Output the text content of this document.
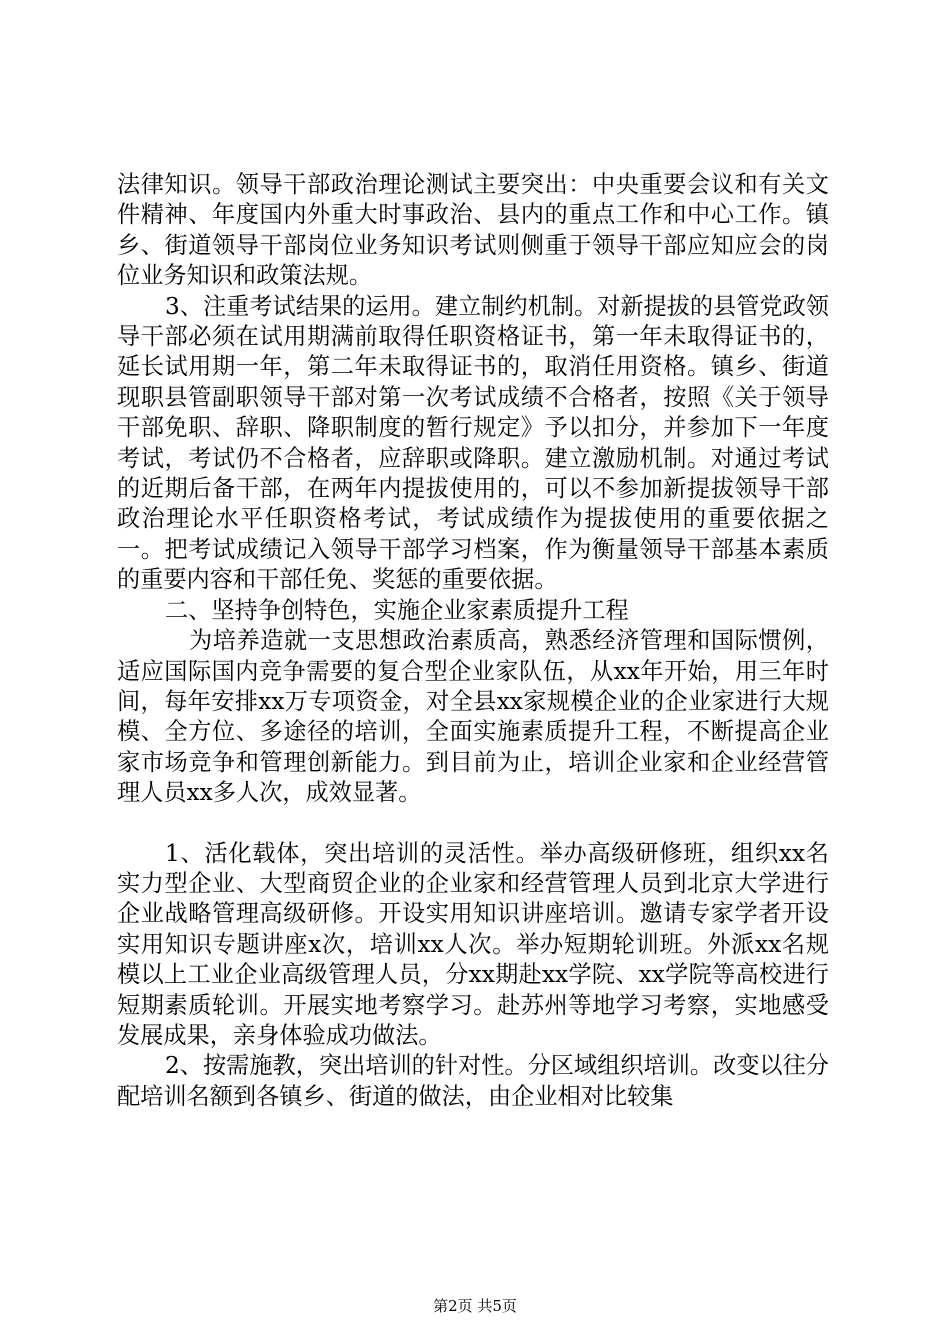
法律知识。领导干部政治理论测试主要突出：中央重要会议和有关文件精神、年度国内外重大时事政治、县内的重点工作和中心工作。镇乡、街道领导干部岗位业务知识考试则侧重于领导干部应知应会的岗位业务知识和政策法规。

3、注重考试结果的运用。建立制约机制。对新提拔的县管党政领导干部必须在试用期满前取得任职资格证书，第一年未取得证书的，延长试用期一年，第二年未取得证书的，取消任用资格。镇乡、街道现职县管副职领导干部对第一次考试成绩不合格者，按照《关于领导干部免职、辞职、降职制度的暂行规定》予以扣分，并参加下一年度考试，考试仍不合格者，应辞职或降职。建立激励机制。对通过考试的近期后备干部，在两年内提拔使用的，可以不参加新提拔领导干部政治理论水平任职资格考试，考试成绩作为提拔使用的重要依据之一。把考试成绩记入领导干部学习档案，作为衡量领导干部基本素质的重要内容和干部任免、奖惩的重要依据。

二、坚持争创特色，实施企业家素质提升工程

为培养造就一支思想政治素质高，熟悉经济管理和国际惯例，适应国际国内竞争需要的复合型企业家队伍，从xx年开始，用三年时间，每年安排xx万专项资金，对全县xx家规模企业的企业家进行大规模、全方位、多途径的培训，全面实施素质提升工程，不断提高企业家市场竞争和管理创新能力。到目前为止，培训企业家和企业经营管理人员xx多人次，成效显著。

1、活化载体，突出培训的灵活性。举办高级研修班，组织xx名实力型企业、大型商贸企业的企业家和经营管理人员到北京大学进行企业战略管理高级研修。开设实用知识讲座培训。邀请专家学者开设实用知识专题讲座x次，培训xx人次。举办短期轮训班。外派xx名规模以上工业企业高级管理人员，分xx期赴xx学院、xx学院等高校进行短期素质轮训。开展实地考察学习。赴苏州等地学习考察，实地感受发展成果，亲身体验成功做法。

2、按需施教，突出培训的针对性。分区域组织培训。改变以往分配培训名额到各镇乡、街道的做法，由企业相对比较集

第2页 共5页
